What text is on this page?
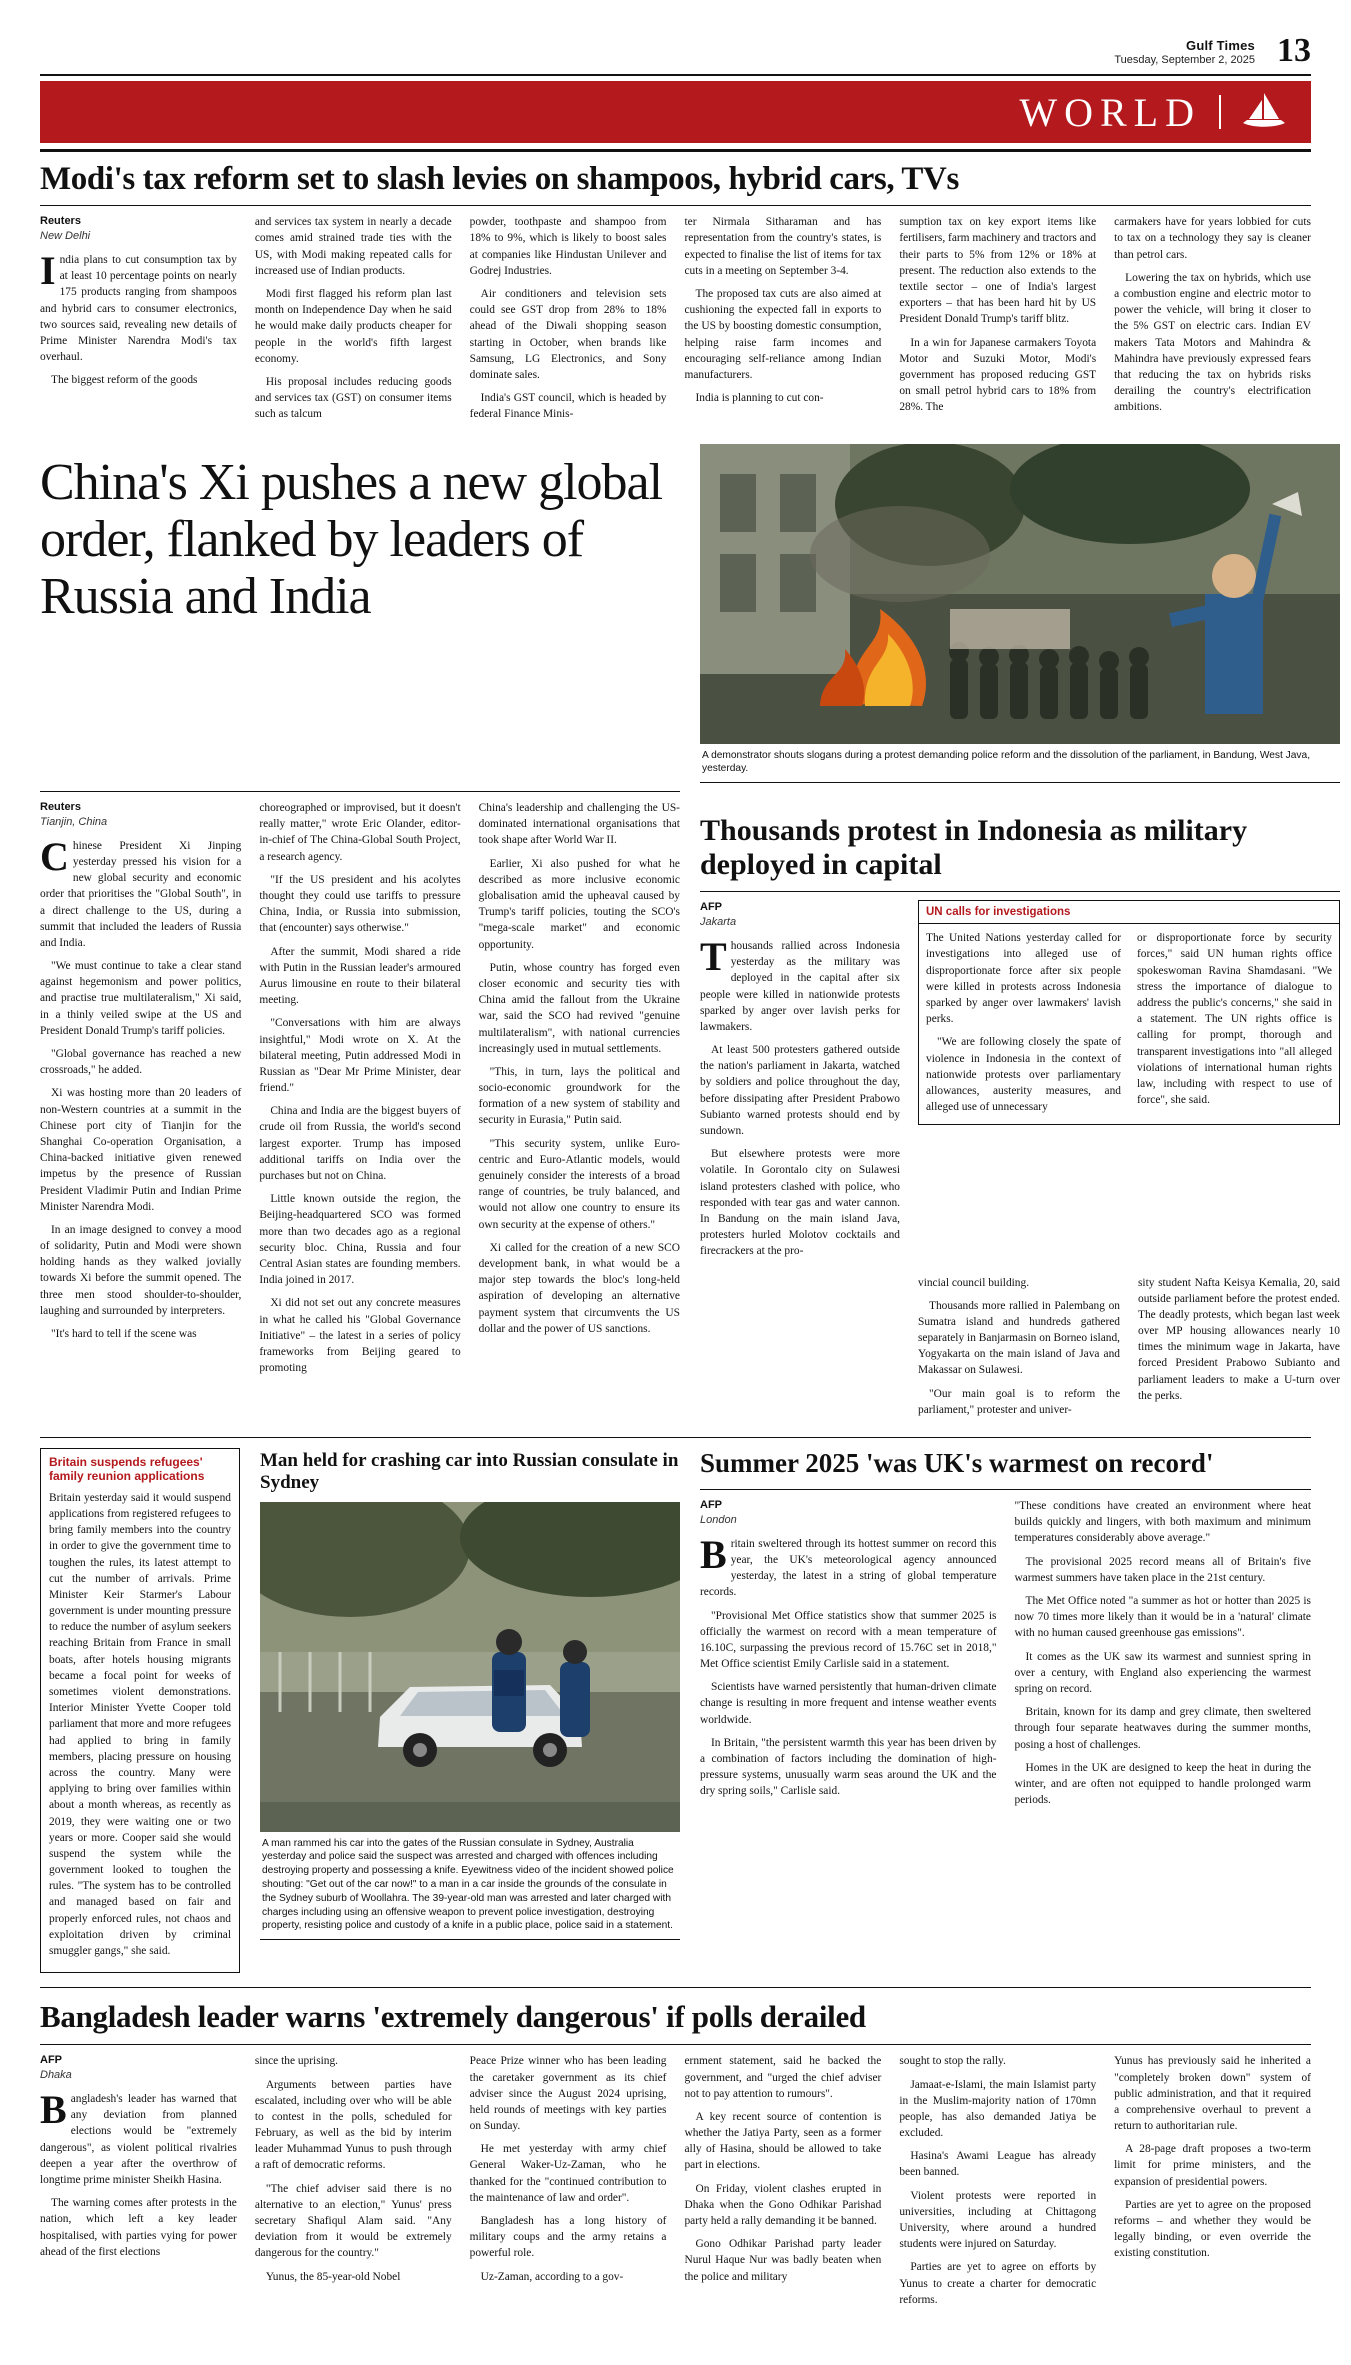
Gulf Times
Tuesday, September 2, 2025 13
WORLD
Modi's tax reform set to slash levies on shampoos, hybrid cars, TVs
Reuters
New Delhi

India plans to cut consumption tax by at least 10 percentage points on nearly 175 products ranging from shampoos and hybrid cars to consumer electronics, two sources said, revealing new details of Prime Minister Narendra Modi's tax overhaul.

The biggest reform of the goods

and services tax system in nearly a decade comes amid strained trade ties with the US, with Modi making repeated calls for increased use of Indian products.

Modi first flagged his reform plan last month on Independence Day when he said he would make daily products cheaper for people in the world's fifth largest economy.

His proposal includes reducing goods and services tax (GST) on consumer items such as talcum

powder, toothpaste and shampoo from 18% to 9%, which is likely to boost sales at companies like Hindustan Unilever and Godrej Industries.

Air conditioners and television sets could see GST drop from 28% to 18% ahead of the Diwali shopping season starting in October, when brands like Samsung, LG Electronics, and Sony dominate sales.

India's GST council, which is headed by federal Finance Minis-

ter Nirmala Sitharaman and has representation from the country's states, is expected to finalise the list of items for tax cuts in a meeting on September 3-4.

The proposed tax cuts are also aimed at cushioning the expected fall in exports to the US by boosting domestic consumption, helping raise farm incomes and encouraging self-reliance among Indian manufacturers.

India is planning to cut con-

sumption tax on key export items like fertilisers, farm machinery and tractors and their parts to 5% from 12% or 18% at present. The reduction also extends to the textile sector – one of India's largest exporters – that has been hard hit by US President Donald Trump's tariff blitz.

In a win for Japanese carmakers Toyota Motor and Suzuki Motor, Modi's government has proposed reducing GST on small petrol hybrid cars to 18% from 28%. The

carmakers have for years lobbied for cuts to tax on a technology they say is cleaner than petrol cars.

Lowering the tax on hybrids, which use a combustion engine and electric motor to power the vehicle, will bring it closer to the 5% GST on electric cars. Indian EV makers Tata Motors and Mahindra & Mahindra have previously expressed fears that reducing the tax on hybrids risks derailing the country's electrification ambitions.

China's Xi pushes a new global order, flanked by leaders of Russia and India
A demonstrator shouts slogans during a protest demanding police reform and the dissolution of the parliament, in Bandung, West Java, yesterday.
Reuters
Tianjin, China

Chinese President Xi Jinping yesterday pressed his vision for a new global security and economic order that prioritises the "Global South", in a direct challenge to the US, during a summit that included the leaders of Russia and India.

"We must continue to take a clear stand against hegemonism and power politics, and practise true multilateralism," Xi said, in a thinly veiled swipe at the US and President Donald Trump's tariff policies.

"Global governance has reached a new crossroads," he added.

Xi was hosting more than 20 leaders of non-Western countries at a summit in the Chinese port city of Tianjin for the Shanghai Co-operation Organisation, a China-backed initiative given renewed impetus by the presence of Russian President Vladimir Putin and Indian Prime Minister Narendra Modi.

In an image designed to convey a mood of solidarity, Putin and Modi were shown holding hands as they walked jovially towards Xi before the summit opened. The three men stood shoulder-to-shoulder, laughing and surrounded by interpreters.

"It's hard to tell if the scene was

choreographed or improvised, but it doesn't really matter," wrote Eric Olander, editor-in-chief of The China-Global South Project, a research agency.

"If the US president and his acolytes thought they could use tariffs to pressure China, India, or Russia into submission, that (encounter) says otherwise."

After the summit, Modi shared a ride with Putin in the Russian leader's armoured Aurus limousine en route to their bilateral meeting.

"Conversations with him are always insightful," Modi wrote on X. At the bilateral meeting, Putin addressed Modi in Russian as "Dear Mr Prime Minister, dear friend."

China and India are the biggest buyers of crude oil from Russia, the world's second largest exporter. Trump has imposed additional tariffs on India over the purchases but not on China.

Little known outside the region, the Beijing-headquartered SCO was formed more than two decades ago as a regional security bloc. China, Russia and four Central Asian states are founding members. India joined in 2017.

Xi did not set out any concrete measures in what he called his "Global Governance Initiative" – the latest in a series of policy frameworks from Beijing geared to promoting

China's leadership and challenging the US-dominated international organisations that took shape after World War II.

Earlier, Xi also pushed for what he described as more inclusive economic globalisation amid the upheaval caused by Trump's tariff policies, touting the SCO's "mega-scale market" and economic opportunity.

Putin, whose country has forged even closer economic and security ties with China amid the fallout from the Ukraine war, said the SCO had revived "genuine multilateralism", with national currencies increasingly used in mutual settlements.

"This, in turn, lays the political and socio-economic groundwork for the formation of a new system of stability and security in Eurasia," Putin said.

"This security system, unlike Euro-centric and Euro-Atlantic models, would genuinely consider the interests of a broad range of countries, be truly balanced, and would not allow one country to ensure its own security at the expense of others."

Xi called for the creation of a new SCO development bank, in what would be a major step towards the bloc's long-held aspiration of developing an alternative payment system that circumvents the US dollar and the power of US sanctions.

Thousands protest in Indonesia as military deployed in capital
AFP
Jakarta

Thousands rallied across Indonesia yesterday as the military was deployed in the capital after six people were killed in nationwide protests sparked by anger over lavish perks for lawmakers.

At least 500 protesters gathered outside the nation's parliament in Jakarta, watched by soldiers and police throughout the day, before dissipating after President Prabowo Subianto warned protests should end by sundown.

But elsewhere protests were more volatile. In Gorontalo city on Sulawesi island protesters clashed with police, who responded with tear gas and water cannon. In Bandung on the main island Java, protesters hurled Molotov cocktails and firecrackers at the pro-

UN calls for investigations

The United Nations yesterday called for investigations into alleged use of disproportionate force after six people were killed in protests across Indonesia sparked by anger over lawmakers' lavish perks.

"We are following closely the spate of violence in Indonesia in the context of nationwide protests over parliamentary allowances, austerity measures, and alleged use of unnecessary

or disproportionate force by security forces," said UN human rights office spokeswoman Ravina Shamdasani. "We stress the importance of dialogue to address the public's concerns," she said in a statement. The UN rights office is calling for prompt, thorough and transparent investigations into "all alleged violations of international human rights law, including with respect to use of force", she said.

vincial council building.

Thousands more rallied in Palembang on Sumatra island and hundreds gathered separately in Banjarmasin on Borneo island, Yogyakarta on the main island of Java and Makassar on Sulawesi.

"Our main goal is to reform the parliament," protester and univer-

sity student Nafta Keisya Kemalia, 20, said outside parliament before the protest ended. The deadly protests, which began last week over MP housing allowances nearly 10 times the minimum wage in Jakarta, have forced President Prabowo Subianto and parliament leaders to make a U-turn over the perks.

Britain suspends refugees' family reunion applications

Britain yesterday said it would suspend applications from registered refugees to bring family members into the country in order to give the government time to toughen the rules, its latest attempt to cut the number of arrivals. Prime Minister Keir Starmer's Labour government is under mounting pressure to reduce the number of asylum seekers reaching Britain from France in small boats, after hotels housing migrants became a focal point for weeks of sometimes violent demonstrations. Interior Minister Yvette Cooper told parliament that more and more refugees had applied to bring in family members, placing pressure on housing across the country. Many were applying to bring over families within about a month whereas, as recently as 2019, they were waiting one or two years or more. Cooper said she would suspend the system while the government looked to toughen the rules. "The system has to be controlled and managed based on fair and properly enforced rules, not chaos and exploitation driven by criminal smuggler gangs," she said.

Man held for crashing car into Russian consulate in Sydney
A man rammed his car into the gates of the Russian consulate in Sydney, Australia yesterday and police said the suspect was arrested and charged with offences including destroying property and possessing a knife. Eyewitness video of the incident showed police shouting: "Get out of the car now!" to a man in a car inside the grounds of the consulate in the Sydney suburb of Woollahra. The 39-year-old man was arrested and later charged with charges including using an offensive weapon to prevent police investigation, destroying property, resisting police and custody of a knife in a public place, police said in a statement.
Summer 2025 'was UK's warmest on record'
AFP
London

Britain sweltered through its hottest summer on record this year, the UK's meteorological agency announced yesterday, the latest in a string of global temperature records.

"Provisional Met Office statistics show that summer 2025 is officially the warmest on record with a mean temperature of 16.10C, surpassing the previous record of 15.76C set in 2018," Met Office scientist Emily Carlisle said in a statement.

Scientists have warned persistently that human-driven climate change is resulting in more frequent and intense weather events worldwide.

In Britain, "the persistent warmth this year has been driven by a combination of factors including the domination of high-pressure systems, unusually warm seas around the UK and the dry spring soils," Carlisle said.

"These conditions have created an environment where heat builds quickly and lingers, with both maximum and minimum temperatures considerably above average."

The provisional 2025 record means all of Britain's five warmest summers have taken place in the 21st century.

The Met Office noted "a summer as hot or hotter than 2025 is now 70 times more likely than it would be in a 'natural' climate with no human caused greenhouse gas emissions".

It comes as the UK saw its warmest and sunniest spring in over a century, with England also experiencing the warmest spring on record.

Britain, known for its damp and grey climate, then sweltered through four separate heatwaves during the summer months, posing a host of challenges.

Homes in the UK are designed to keep the heat in during the winter, and are often not equipped to handle prolonged warm periods.

Bangladesh leader warns 'extremely dangerous' if polls derailed
AFP
Dhaka

Bangladesh's leader has warned that any deviation from planned elections would be "extremely dangerous", as violent political rivalries deepen a year after the overthrow of longtime prime minister Sheikh Hasina.

The warning comes after protests in the nation, which left a key leader hospitalised, with parties vying for power ahead of the first elections

since the uprising.

Arguments between parties have escalated, including over who will be able to contest in the polls, scheduled for February, as well as the bid by interim leader Muhammad Yunus to push through a raft of democratic reforms.

"The chief adviser said there is no alternative to an election," Yunus' press secretary Shafiqul Alam said. "Any deviation from it would be extremely dangerous for the country."

Yunus, the 85-year-old Nobel

Peace Prize winner who has been leading the caretaker government as its chief adviser since the August 2024 uprising, held rounds of meetings with key parties on Sunday.

He met yesterday with army chief General Waker-Uz-Zaman, who he thanked for the "continued contribution to the maintenance of law and order".

Bangladesh has a long history of military coups and the army retains a powerful role.

Uz-Zaman, according to a gov-

ernment statement, said he backed the government, and "urged the chief adviser not to pay attention to rumours".

A key recent source of contention is whether the Jatiya Party, seen as a former ally of Hasina, should be allowed to take part in elections.

On Friday, violent clashes erupted in Dhaka when the Gono Odhikar Parishad party held a rally demanding it be banned.

Gono Odhikar Parishad party leader Nurul Haque Nur was badly beaten when the police and military

sought to stop the rally.

Jamaat-e-Islami, the main Islamist party in the Muslim-majority nation of 170mn people, has also demanded Jatiya be excluded.

Hasina's Awami League has already been banned.

Violent protests were reported in universities, including at Chittagong University, where around a hundred students were injured on Saturday.

Parties are yet to agree on efforts by Yunus to create a charter for democratic reforms.

Yunus has previously said he inherited a "completely broken down" system of public administration, and that it required a comprehensive overhaul to prevent a return to authoritarian rule.

A 28-page draft proposes a two-term limit for prime ministers, and the expansion of presidential powers.

Parties are yet to agree on the proposed reforms – and whether they would be legally binding, or even override the existing constitution.
